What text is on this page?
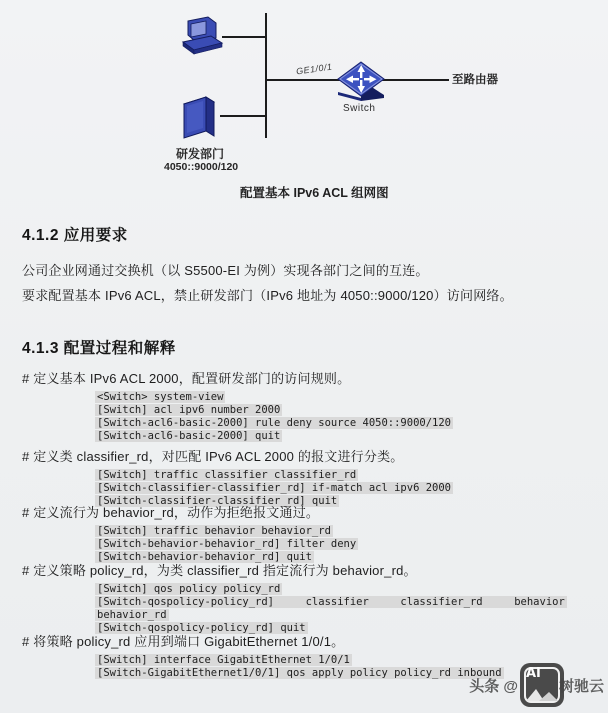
GE1/0/1
至路由器
Switch
研发部门
4050::9000/120
配置基本 IPv6 ACL 组网图
4.1.2 应用要求
公司企业网通过交换机（以 S5500-EI 为例）实现各部门之间的互连。
要求配置基本 IPv6 ACL，禁止研发部门（IPv6 地址为 4050::9000/120）访问网络。
4.1.3 配置过程和解释
# 定义基本 IPv6 ACL 2000，配置研发部门的访问规则。
<Switch> system-view
[Switch] acl ipv6 number 2000
[Switch-acl6-basic-2000] rule deny source 4050::9000/120
[Switch-acl6-basic-2000] quit
# 定义类 classifier_rd，对匹配 IPv6 ACL 2000 的报文进行分类。
[Switch] traffic classifier classifier_rd
[Switch-classifier-classifier_rd] if-match acl ipv6 2000
[Switch-classifier-classifier_rd] quit
# 定义流行为 behavior_rd，动作为拒绝报文通过。
[Switch] traffic behavior behavior_rd
[Switch-behavior-behavior_rd] filter deny
[Switch-behavior-behavior_rd] quit
# 定义策略 policy_rd，为类 classifier_rd 指定流行为 behavior_rd。
[Switch] qos policy policy_rd
[Switch-qospolicy-policy_rd]     classifier     classifier_rd     behavior
behavior_rd
[Switch-qospolicy-policy_rd] quit
# 将策略 policy_rd 应用到端口 GigabitEthernet 1/0/1。
[Switch] interface GigabitEthernet 1/0/1
[Switch-GigabitEthernet1/0/1] qos apply policy policy_rd inbound
头条 @
AI
树驰云
